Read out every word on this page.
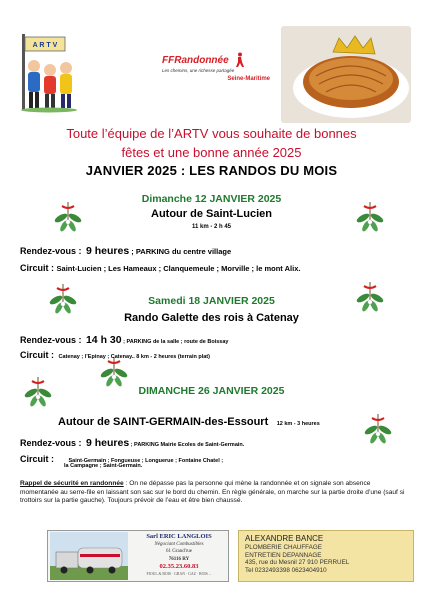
A R T V
FFRandonnée
Les chemins, une richesse partagée
Seine-Maritime
Toute l’équipe de l’ARTV vous souhaite de bonnes
fêtes et une bonne année 2025
JANVIER 2025 : LES RANDOS DU MOIS
Dimanche 12 JANVIER 2025
Autour de Saint-Lucien
11 km - 2 h 45
Rendez-vous : 9 heures ; PARKING du centre village
Circuit : Saint-Lucien ; Les Hameaux ; Clanquemeule ; Morville ; le mont Alix.
Samedi 18 JANVIER 2025
Rando Galette des rois à Catenay
Rendez-vous : 14 h 30 ; PARKING de la salle ; route de Boissay
Circuit : Catenay ; l’Epinay ; Catenay.. 8 km - 2 heures (terrain plat)
DIMANCHE 26 JANVIER 2025
Autour de SAINT-GERMAIN-des-Essourt 12 km - 3 heures
Rendez-vous : 9 heures ; PARKING Mairie Ecoles de Saint-Germain.
Circuit :	Saint-Germain ; Fongueuse ; Longuerue ; Fontaine Chatel ;
la Campagne ; Saint-Germain.
Rappel de sécurité en randonnée : On ne dépasse pas la personne qui mène la randonnée et on signale son absence momentanée au serre-file en laissant son sac sur le bord du chemin. En règle générale, on marche sur la partie droite d’une (sauf si trottoirs sur la partie gauche). Toujours prévoir de l’eau et être bien chaussé.
Sarl ERIC LANGLOIS
Négociant Combustibles
61 Grand'rue
76116 RY
02.35.23.60.83
FIOUL & BOIS · GRAN · GAZ · BOIS ...
ALEXANDRE BANCE
PLOMBERIE CHAUFFAGE
ENTRETIEN DEPANNAGE
435, rue du Mesnil 27 910 PERRUEL
Tel 0232493398 0623404910
